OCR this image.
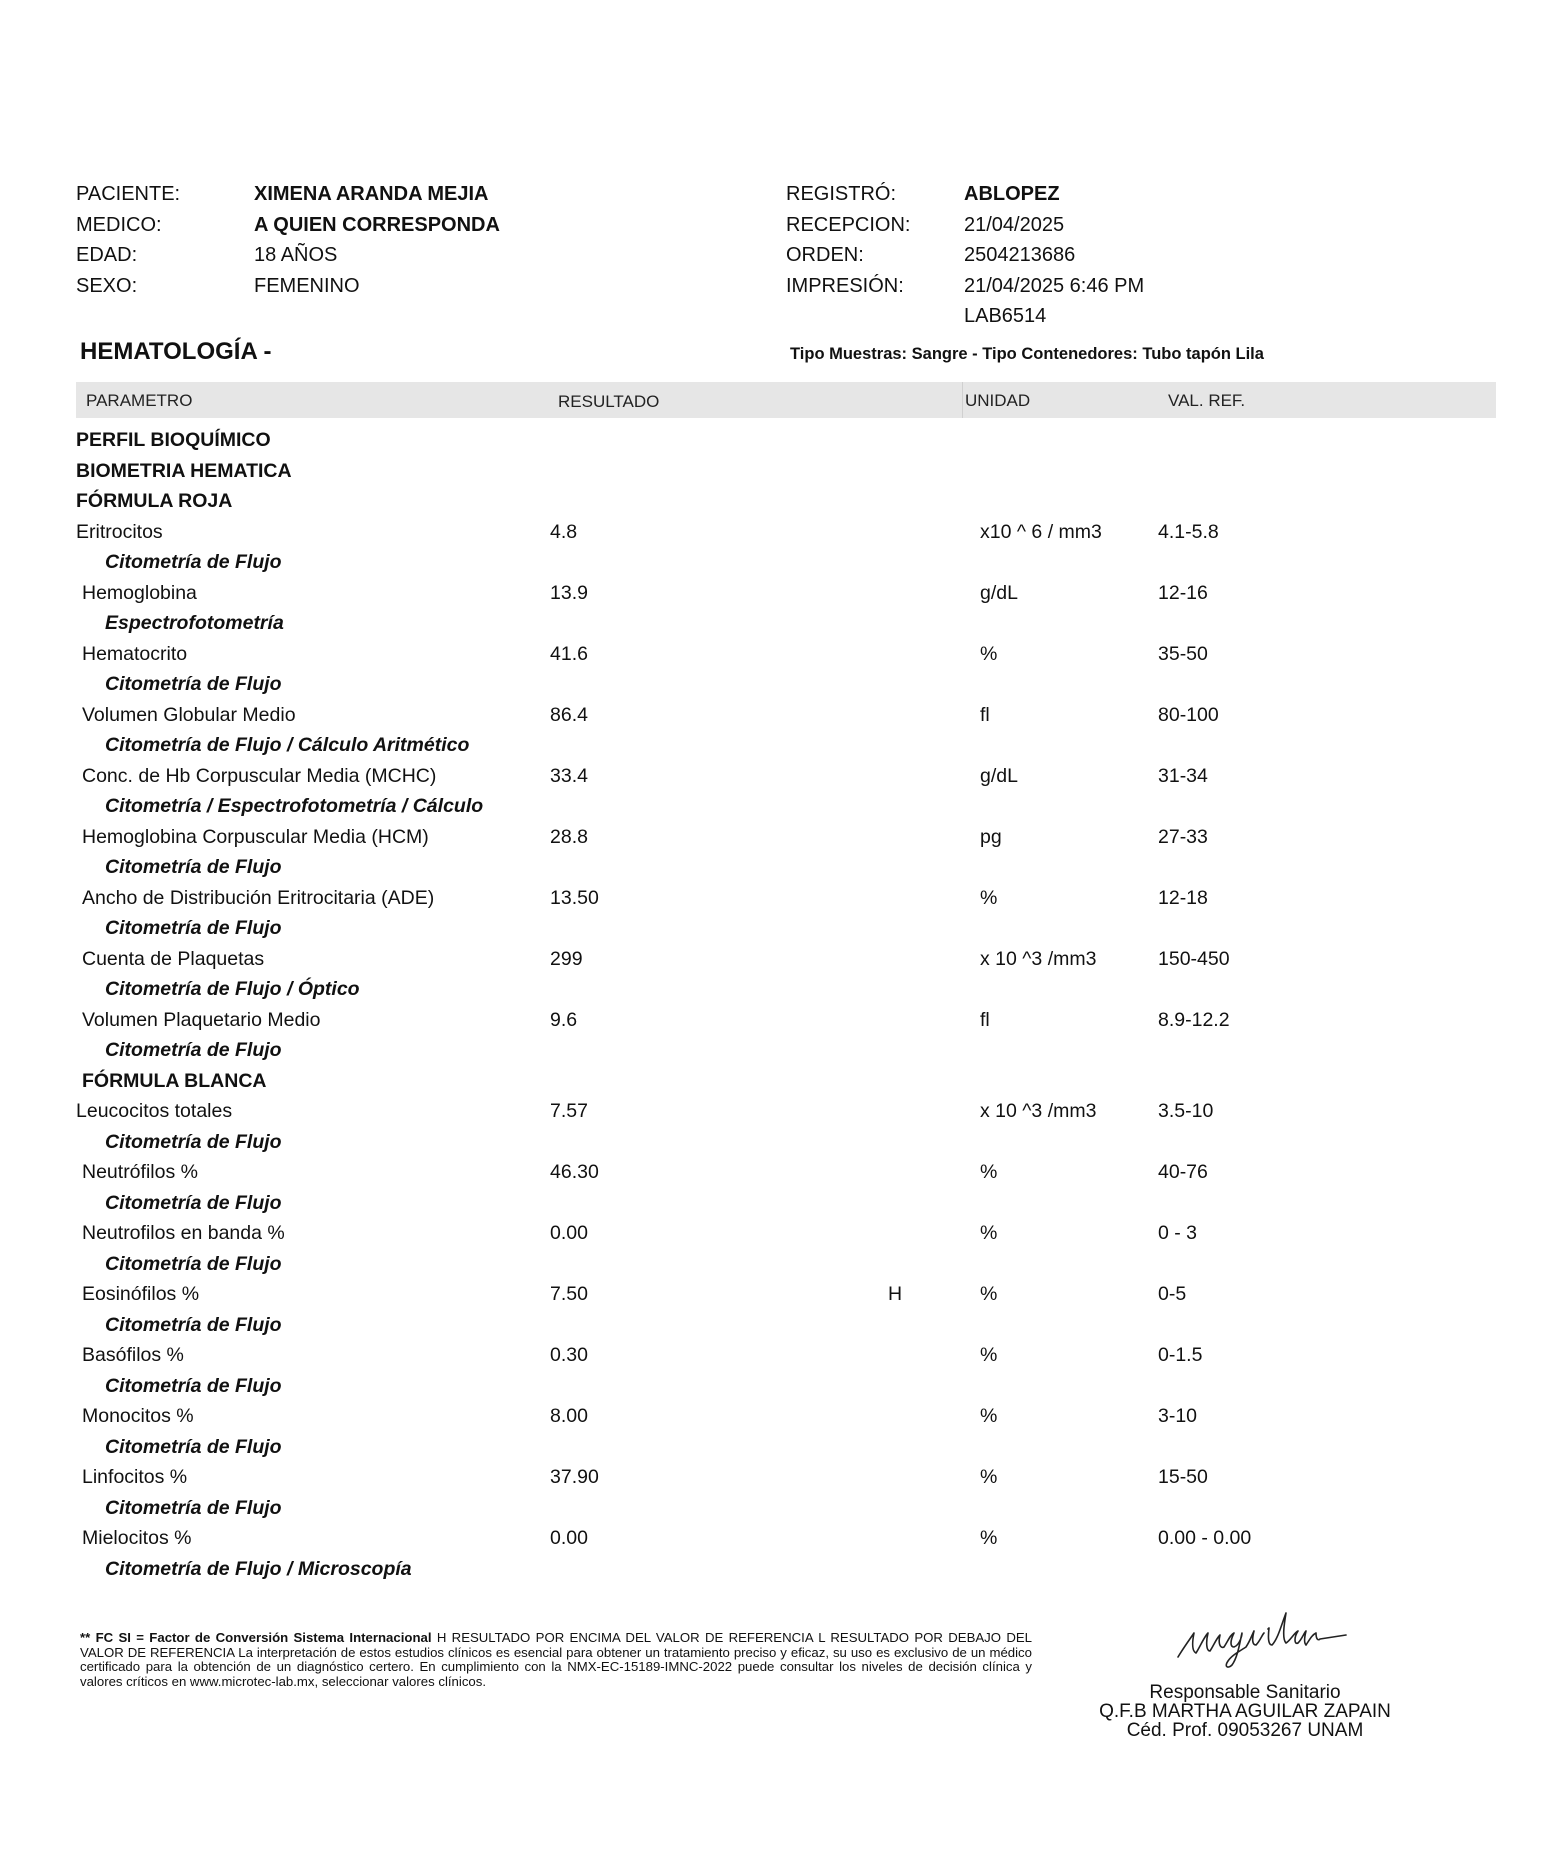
PACIENTE:	XIMENA ARANDA MEJIA
MEDICO:	A QUIEN CORRESPONDA
EDAD:	18 AÑOS
SEXO:	FEMENINO
REGISTRÓ:	ABLOPEZ
RECEPCION:	21/04/2025
ORDEN:	2504213686
IMPRESIÓN:	21/04/2025 6:46 PM
LAB6514
HEMATOLOGÍA -	Tipo Muestras: Sangre - Tipo Contenedores: Tubo tapón Lila
PARAMETRO	RESULTADO	UNIDAD	VAL. REF.
PERFIL BIOQUÍMICO
BIOMETRIA HEMATICA
FÓRMULA ROJA
Eritrocitos	4.8	x10 ^ 6 / mm3	4.1-5.8
Citometría de Flujo
Hemoglobina	13.9	g/dL	12-16
Espectrofotometría
Hematocrito	41.6	%	35-50
Citometría de Flujo
Volumen Globular Medio	86.4	fl	80-100
Citometría de Flujo / Cálculo Aritmético
Conc. de Hb Corpuscular Media (MCHC)	33.4	g/dL	31-34
Citometría / Espectrofotometría / Cálculo
Hemoglobina Corpuscular Media (HCM)	28.8	pg	27-33
Citometría de Flujo
Ancho de Distribución Eritrocitaria (ADE)	13.50	%	12-18
Citometría de Flujo
Cuenta de Plaquetas	299	x 10 ^3 /mm3	150-450
Citometría de Flujo / Óptico
Volumen Plaquetario Medio	9.6	fl	8.9-12.2
Citometría de Flujo
FÓRMULA BLANCA
Leucocitos totales	7.57	x 10 ^3 /mm3	3.5-10
Citometría de Flujo
Neutrófilos %	46.30	%	40-76
Citometría de Flujo
Neutrofilos en banda %	0.00	%	0 - 3
Citometría de Flujo
Eosinófilos %	7.50	H	%	0-5
Citometría de Flujo
Basófilos %	0.30	%	0-1.5
Citometría de Flujo
Monocitos %	8.00	%	3-10
Citometría de Flujo
Linfocitos %	37.90	%	15-50
Citometría de Flujo
Mielocitos %	0.00	%	0.00 - 0.00
Citometría de Flujo / Microscopía
** FC SI = Factor de Conversión Sistema Internacional H RESULTADO POR ENCIMA DEL VALOR DE REFERENCIA L RESULTADO POR DEBAJO DEL VALOR DE REFERENCIA La interpretación de estos estudios clínicos es esencial para obtener un tratamiento preciso y eficaz, su uso es exclusivo de un médico certificado para la obtención de un diagnóstico certero. En cumplimiento con la NMX-EC-15189-IMNC-2022 puede consultar los niveles de decisión clínica y valores críticos en www.microtec-lab.mx, seleccionar valores clínicos.
Responsable Sanitario
Q.F.B MARTHA AGUILAR ZAPAIN
Céd. Prof. 09053267 UNAM
